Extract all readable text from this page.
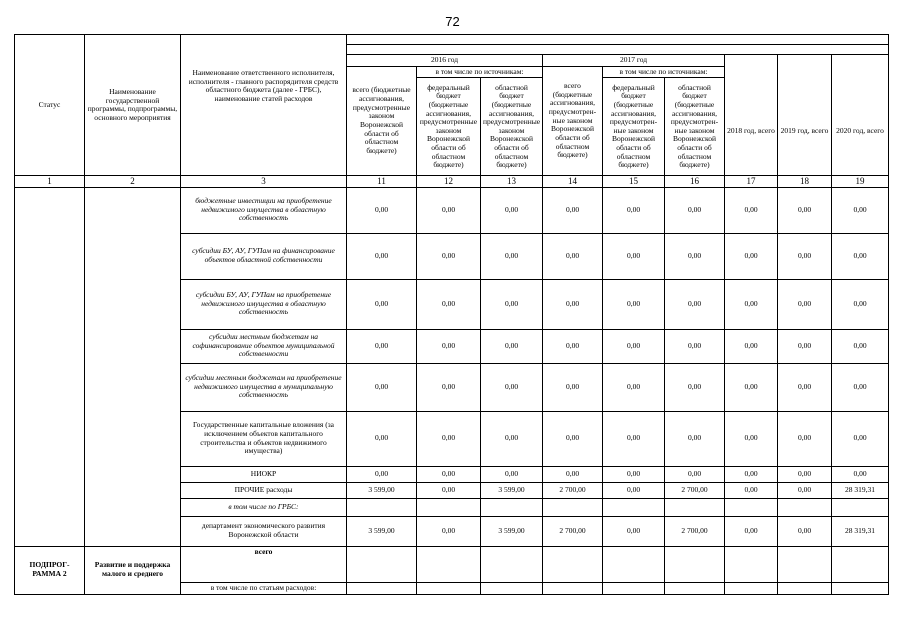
72
Статус	Наименование государственной программы, подпрограммы, основного мероприятия	Наименование ответственного исполнителя, исполнителя - главного распорядителя средств областного бюджета (далее - ГРБС), наименование статей расходов									

			2016 год			2017 год					
			всего (бюджетные ассигнования, предусмотренные законом Воронежской области об областном бюджете)	в том числе по источникам:		всего (бюджетные ассигнования, предусмотрен-ные законом Воронежской области об областном бюджете)	в том числе по источникам:				
				федеральный бюджет (бюджетные ассигнования, предусмотренные законом Воронежской области об областном бюджете)	областной бюджет (бюджетные ассигнования, предусмотренные законом Воронежской области об областном бюджете)		федеральный бюджет (бюджетные ассигнования, предусмотрен-ные законом Воронежской области об областном бюджете)	областной бюджет (бюджетные ассигнования, предусмотрен-ные законом Воронежской области об областном бюджете)			
									2018 год, всего	2019 год, всего	2020 год, всего
1	2	3	11	12	13	14	15	16	17	18	19
		бюджетные инвестиции на приобретение недвижимого имущества в областную собственность	0,00	0,00	0,00	0,00	0,00	0,00	0,00	0,00	0,00
		субсидии БУ, АУ, ГУПам на финансирование объектов областной собственности	0,00	0,00	0,00	0,00	0,00	0,00	0,00	0,00	0,00
		субсидии БУ, АУ, ГУПам на приобретение недвижимого имущества в областную собственность	0,00	0,00	0,00	0,00	0,00	0,00	0,00	0,00	0,00
		субсидии местным бюджетам на софинансирование объектов муниципальной собственности	0,00	0,00	0,00	0,00	0,00	0,00	0,00	0,00	0,00
		субсидии местным бюджетам на приобретение недвижимого имущества в муниципальную собственность	0,00	0,00	0,00	0,00	0,00	0,00	0,00	0,00	0,00
		Государственные капитальные вложения (за исключением объектов капитального строительства и объектов недвижимого имущества)	0,00	0,00	0,00	0,00	0,00	0,00	0,00	0,00	0,00
		НИОКР	0,00	0,00	0,00	0,00	0,00	0,00	0,00	0,00	0,00
		ПРОЧИЕ расходы	3 599,00	0,00	3 599,00	2 700,00	0,00	2 700,00	0,00	0,00	28 319,31
		в том числе по ГРБС:									
		департамент экономического развития Воронежской области	3 599,00	0,00	3 599,00	2 700,00	0,00	2 700,00	0,00	0,00	28 319,31
ПОДПРОГ-РАММА 2	Развитие и поддержка малого и среднего	всего									
		в том числе по статьям расходов:									
